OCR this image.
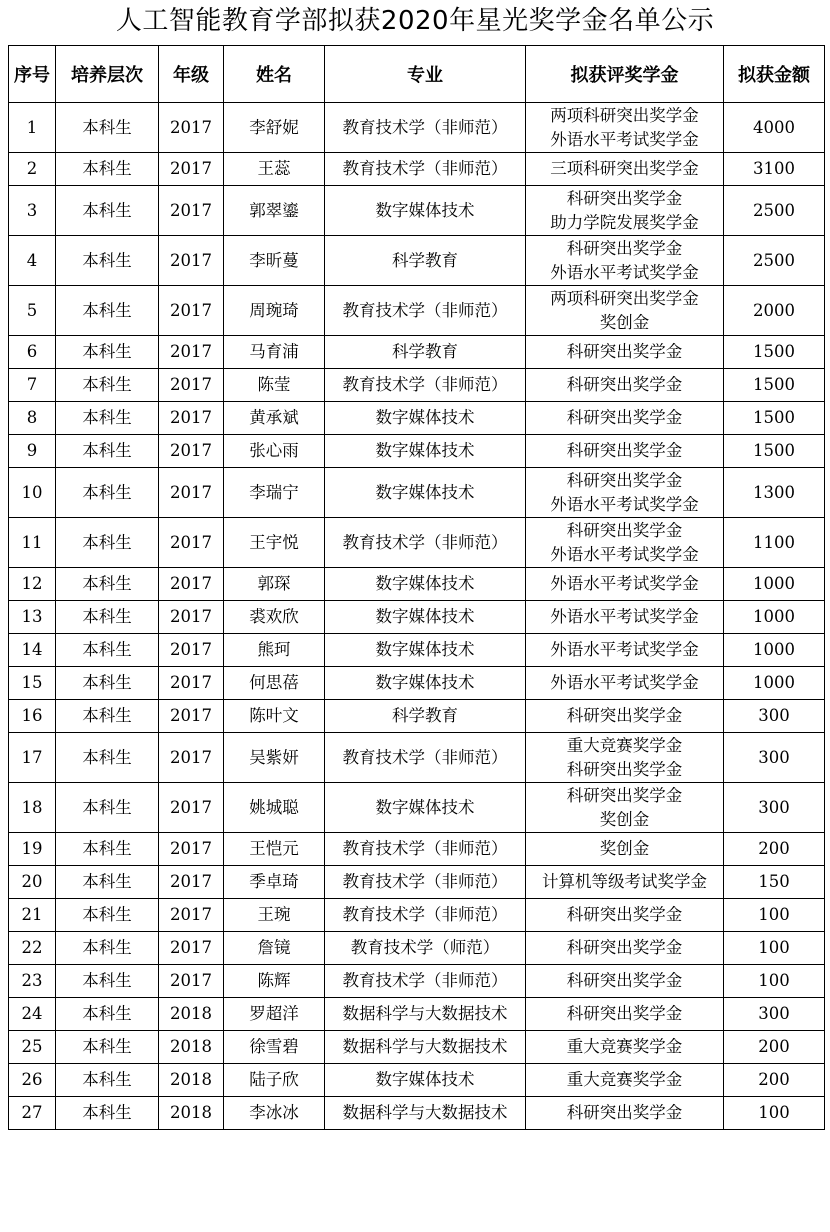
人工智能教育学部拟获2020年星光奖学金名单公示
序号	培养层次	年级	姓名	专业	拟获评奖学金	拟获金额
1	本科生	2017	李舒妮	教育技术学（非师范）	两项科研突出奖学金
外语水平考试奖学金	4000
2	本科生	2017	王蕊	教育技术学（非师范）	三项科研突出奖学金	3100
3	本科生	2017	郭翠鎏	数字媒体技术	科研突出奖学金
助力学院发展奖学金	2500
4	本科生	2017	李昕蔓	科学教育	科研突出奖学金
外语水平考试奖学金	2500
5	本科生	2017	周琬琦	教育技术学（非师范）	两项科研突出奖学金
奖创金	2000
6	本科生	2017	马育浦	科学教育	科研突出奖学金	1500
7	本科生	2017	陈莹	教育技术学（非师范）	科研突出奖学金	1500
8	本科生	2017	黄承斌	数字媒体技术	科研突出奖学金	1500
9	本科生	2017	张心雨	数字媒体技术	科研突出奖学金	1500
10	本科生	2017	李瑞宁	数字媒体技术	科研突出奖学金
外语水平考试奖学金	1300
11	本科生	2017	王宇悦	教育技术学（非师范）	科研突出奖学金
外语水平考试奖学金	1100
12	本科生	2017	郭琛	数字媒体技术	外语水平考试奖学金	1000
13	本科生	2017	裘欢欣	数字媒体技术	外语水平考试奖学金	1000
14	本科生	2017	熊珂	数字媒体技术	外语水平考试奖学金	1000
15	本科生	2017	何思蓓	数字媒体技术	外语水平考试奖学金	1000
16	本科生	2017	陈叶文	科学教育	科研突出奖学金	300
17	本科生	2017	吴紫妍	教育技术学（非师范）	重大竞赛奖学金
科研突出奖学金	300
18	本科生	2017	姚城聪	数字媒体技术	科研突出奖学金
奖创金	300
19	本科生	2017	王恺元	教育技术学（非师范）	奖创金	200
20	本科生	2017	季卓琦	教育技术学（非师范）	计算机等级考试奖学金	150
21	本科生	2017	王琬	教育技术学（非师范）	科研突出奖学金	100
22	本科生	2017	詹镜	教育技术学（师范）	科研突出奖学金	100
23	本科生	2017	陈辉	教育技术学（非师范）	科研突出奖学金	100
24	本科生	2018	罗超洋	数据科学与大数据技术	科研突出奖学金	300
25	本科生	2018	徐雪碧	数据科学与大数据技术	重大竞赛奖学金	200
26	本科生	2018	陆子欣	数字媒体技术	重大竞赛奖学金	200
27	本科生	2018	李冰冰	数据科学与大数据技术	科研突出奖学金	100
